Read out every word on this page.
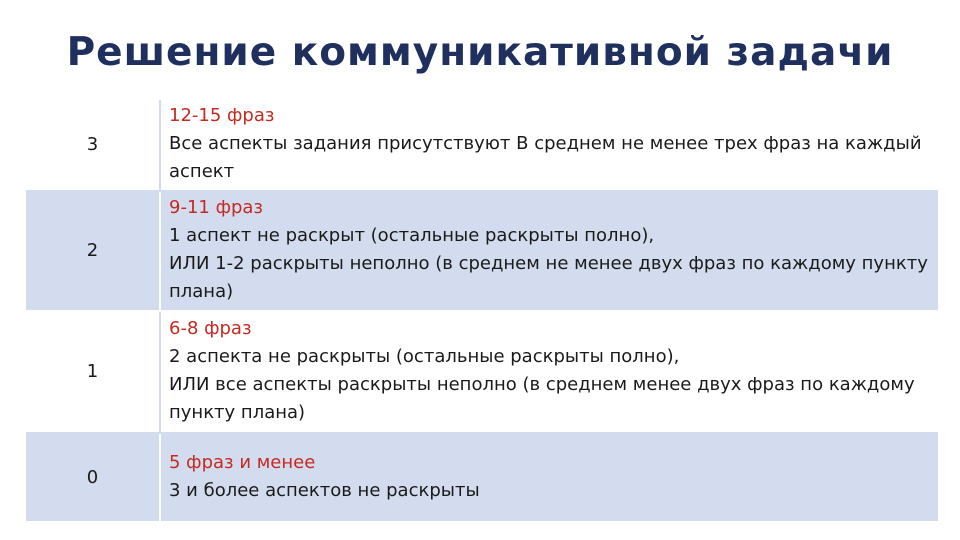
Решение коммуникативной задачи
3	12-15 фраз
Все аспекты задания присутствуют В среднем не менее трех фраз на каждый аспект

2	9-11 фраз
1 аспект не раскрыт (остальные раскрыты полно),
ИЛИ 1-2 раскрыты неполно (в среднем не менее двух фраз по каждому пункту плана)

1	6-8 фраз
2 аспекта не раскрыты (остальные раскрыты полно),
ИЛИ все аспекты раскрыты неполно (в среднем менее двух фраз по каждому пункту плана)

0	5 фраз и менее
3 и более аспектов не раскрыты
